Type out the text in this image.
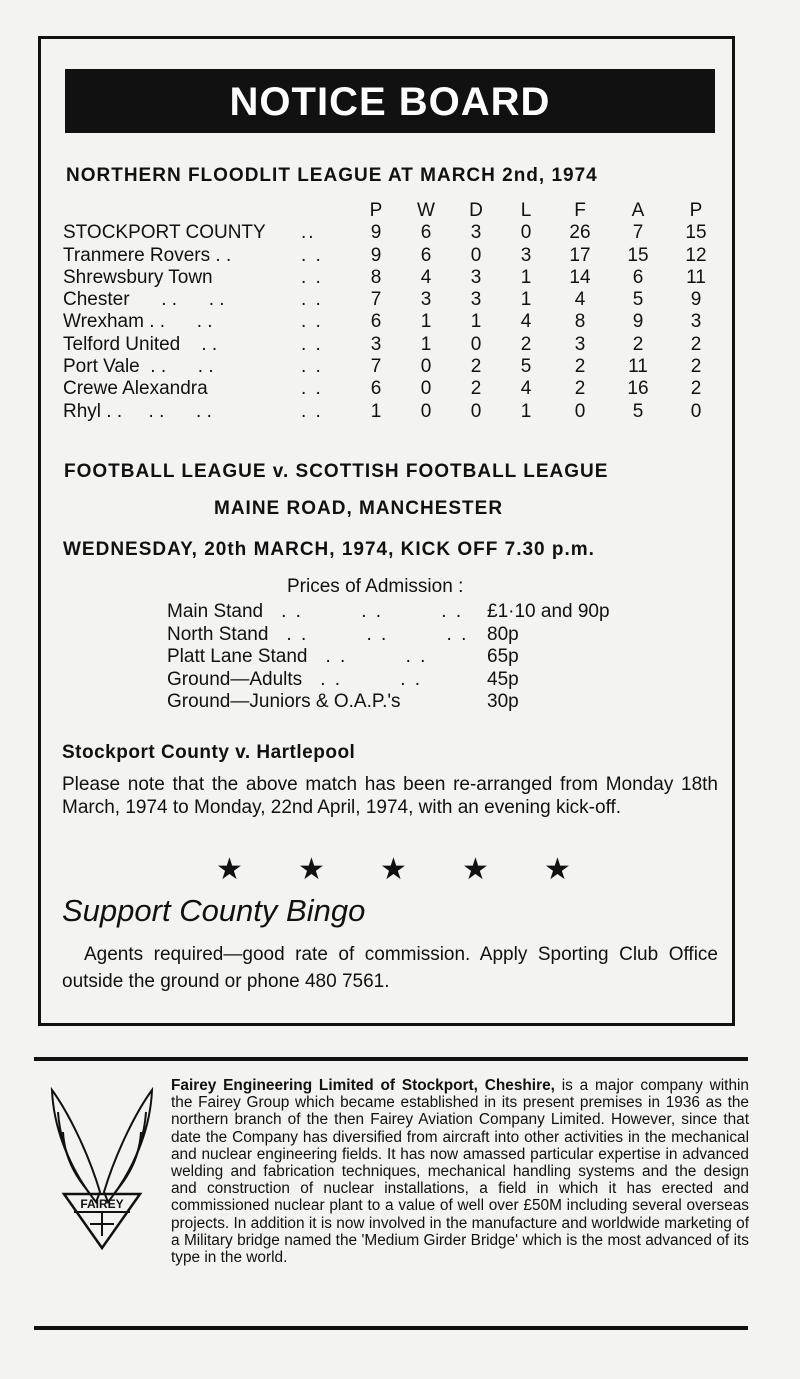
NOTICE BOARD
NORTHERN FLOODLIT LEAGUE AT MARCH 2nd, 1974
		P	W	D	L	F	A	P
STOCKPORT COUNTY	..	9	6	3	0	26	7	15
Tranmere Rovers . .	. .	9	6	0	3	17	15	12
Shrewsbury Town	. .	8	4	3	1	14	6	11
Chester      . .      . .	. .	7	3	3	1	4	5	9
Wrexham . .      . .	. .	6	1	1	4	8	9	3
Telford United    . .	. .	3	1	0	2	3	2	2
Port Vale  . .      . .	. .	7	0	2	5	2	11	2
Crewe Alexandra	. .	6	0	2	4	2	16	2
Rhyl . .     . .      . .	. .	1	0	0	1	0	5	0
FOOTBALL LEAGUE v. SCOTTISH FOOTBALL LEAGUE
MAINE ROAD, MANCHESTER
WEDNESDAY, 20th MARCH, 1974, KICK OFF 7.30 p.m.
Prices of Admission :
Main Stand . .        . .        . .	£1·10 and 90p
North Stand . .        . .        . .	80p
Platt Lane Stand . .        . .	65p
Ground—Adults . .        . .	45p
Ground—Juniors & O.A.P.'s	30p
Stockport County v. Hartlepool
Please note that the above match has been re-arranged from Monday 18th March, 1974 to Monday, 22nd April, 1974, with an evening kick-off.
★ ★ ★ ★ ★
Support County Bingo
Agents required—good rate of commission. Apply Sporting Club Office outside the ground or phone 480 7561.
FAIREY
Fairey Engineering Limited of Stockport, Cheshire, is a major company within the Fairey Group which became established in its present premises in 1936 as the northern branch of the then Fairey Aviation Company Limited. However, since that date the Company has diversified from aircraft into other activities in the mechanical and nuclear engineering fields. It has now amassed particular expertise in advanced welding and fabrication techniques, mechanical handling systems and the design and construction of nuclear installations, a field in which it has erected and commissioned nuclear plant to a value of well over £50M including several overseas projects. In addition it is now involved in the manufacture and worldwide marketing of a Military bridge named the 'Medium Girder Bridge' which is the most advanced of its type in the world.
